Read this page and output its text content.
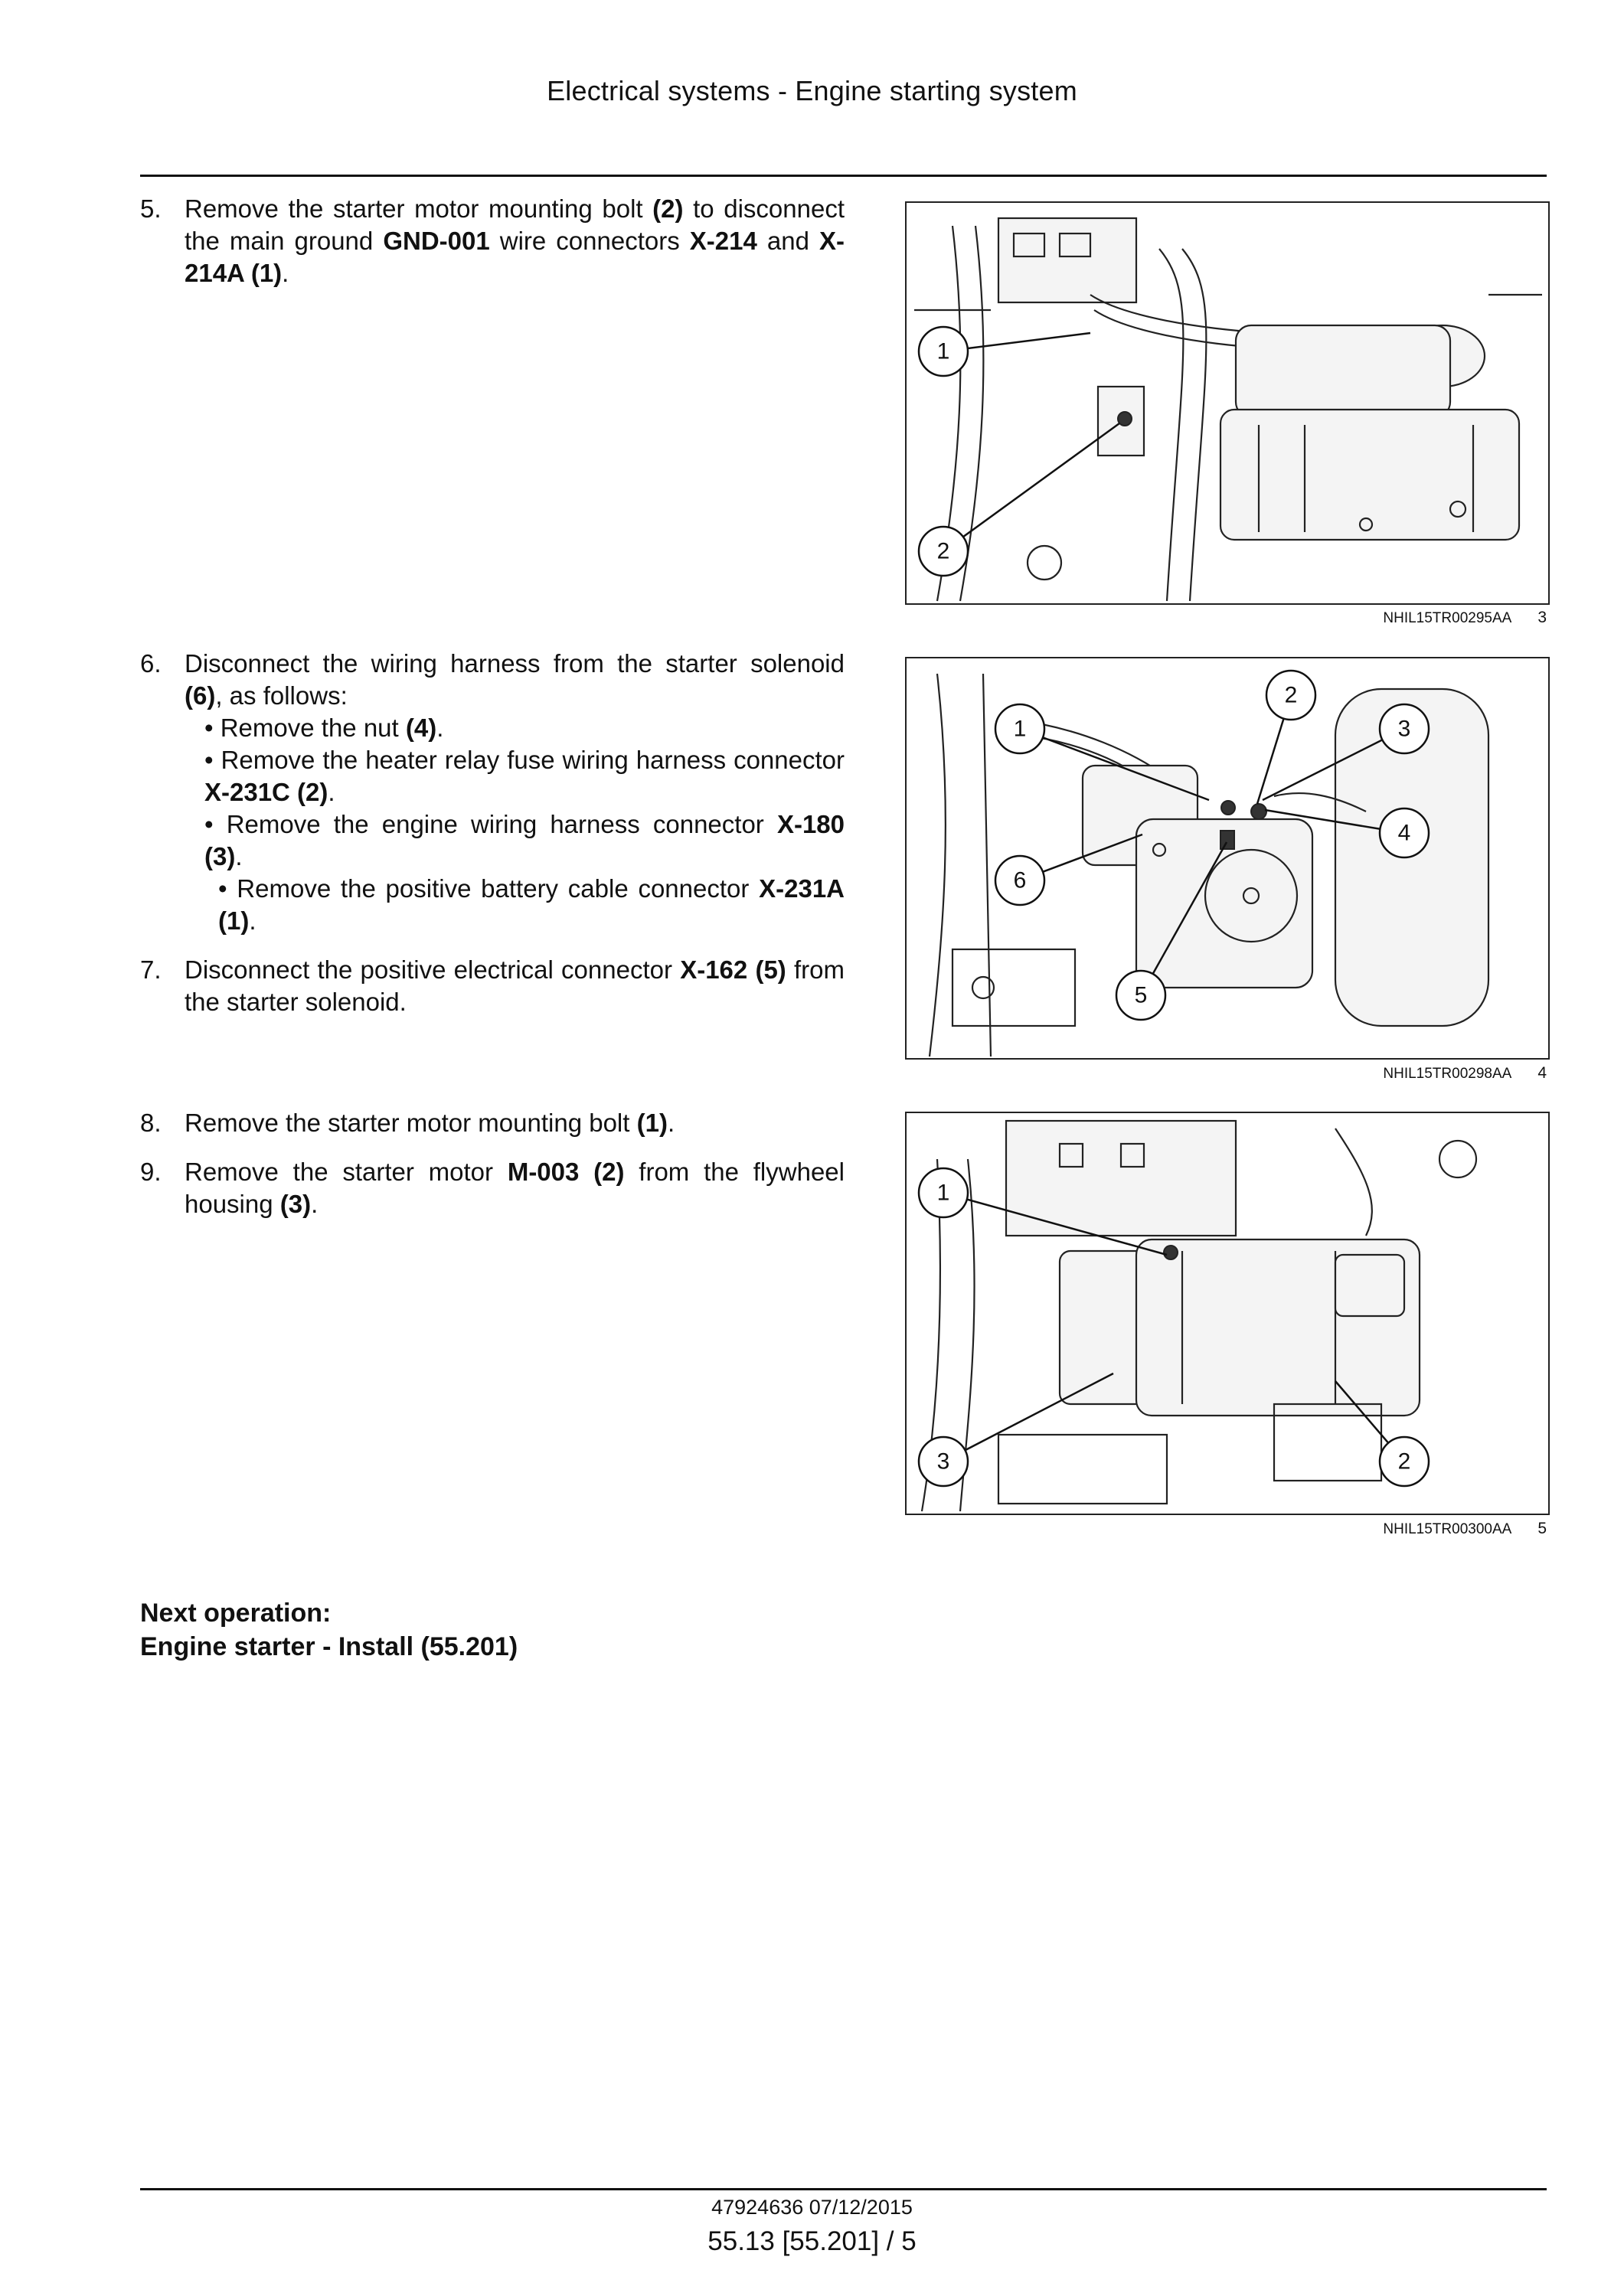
Electrical systems - Engine starting system
5. Remove the starter motor mounting bolt (2) to disconnect the main ground GND-001 wire connectors X-214 and X-214A (1).
6. Disconnect the wiring harness from the starter solenoid (6), as follows:
• Remove the nut (4).
• Remove the heater relay fuse wiring harness connector X-231C (2).
• Remove the engine wiring harness connector X-180 (3).
• Remove the positive battery cable connector X-231A (1).
7. Disconnect the positive electrical connector X-162 (5) from the starter solenoid.
8. Remove the starter motor mounting bolt (1).
9. Remove the starter motor M-003 (2) from the flywheel housing (3).
1
2
NHIL15TR00295AA 3
1
2
3
4
5
6
NHIL15TR00298AA 4
1
3	2
NHIL15TR00300AA 5
Next operation:
Engine starter - Install (55.201)
47924636 07/12/2015
55.13 [55.201] / 5
